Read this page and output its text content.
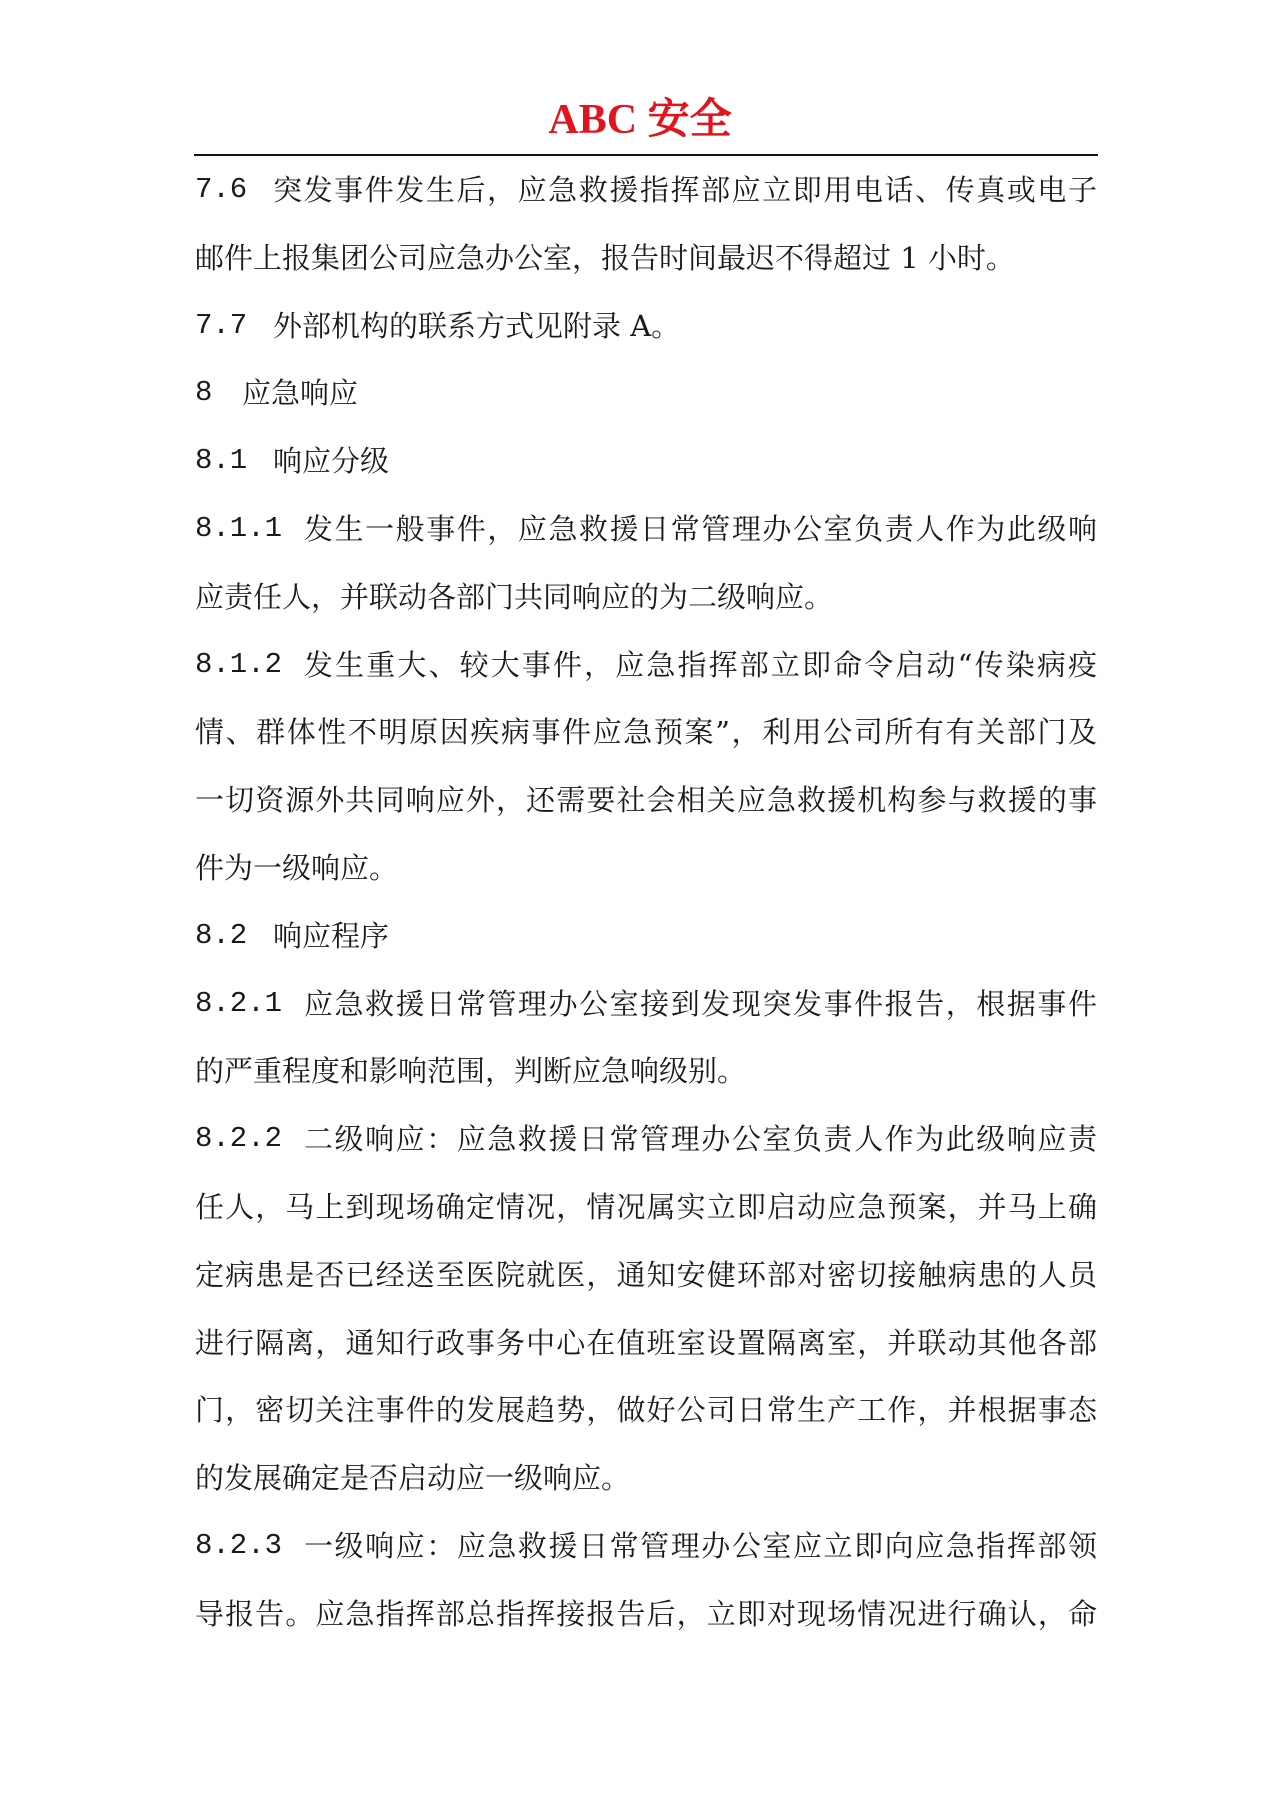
ABC 安全
7.6 突发事件发生后，应急救援指挥部应立即用电话、传真或电子
邮件上报集团公司应急办公室，报告时间最迟不得超过 1 小时。
7.7 外部机构的联系方式见附录 A。
8	应急响应
8.1 响应分级
8.1.1 发生一般事件，应急救援日常管理办公室负责人作为此级响
应责任人，并联动各部门共同响应的为二级响应。
8.1.2 发生重大、较大事件，应急指挥部立即命令启动“传染病疫
情、群体性不明原因疾病事件应急预案”，利用公司所有有关部门及
一切资源外共同响应外，还需要社会相关应急救援机构参与救援的事
件为一级响应。
8.2 响应程序
8.2.1 应急救援日常管理办公室接到发现突发事件报告，根据事件
的严重程度和影响范围，判断应急响级别。
8.2.2 二级响应：应急救援日常管理办公室负责人作为此级响应责
任人，马上到现场确定情况，情况属实立即启动应急预案，并马上确
定病患是否已经送至医院就医，通知安健环部对密切接触病患的人员
进行隔离，通知行政事务中心在值班室设置隔离室，并联动其他各部
门，密切关注事件的发展趋势，做好公司日常生产工作，并根据事态
的发展确定是否启动应一级响应。
8.2.3 一级响应：应急救援日常管理办公室应立即向应急指挥部领
导报告。应急指挥部总指挥接报告后，立即对现场情况进行确认，命
